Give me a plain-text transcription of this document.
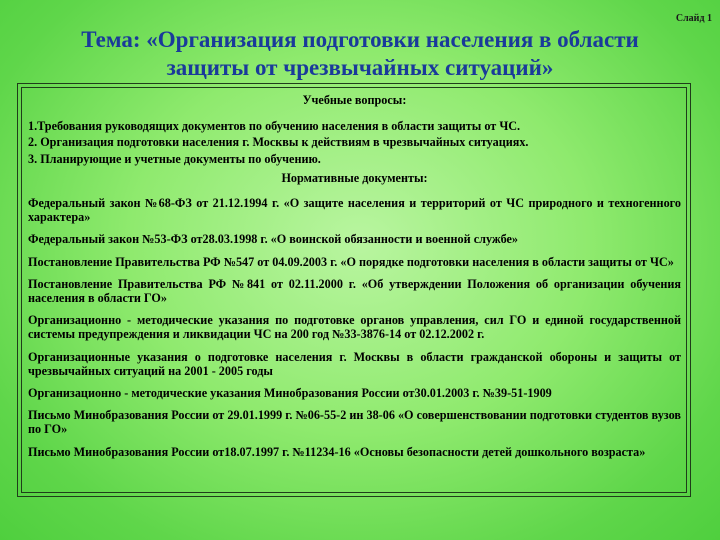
Слайд 1
Тема: «Организация подготовки населения в области
защиты от чрезвычайных ситуаций»
Учебные вопросы:
1.Требования руководящих документов по обучению населения в области защиты от ЧС.
2. Организация подготовки населения г. Москвы к действиям в чрезвычайных ситуациях.
3. Планирующие и учетные документы по обучению.
Нормативные документы:
Федеральный закон №68-ФЗ от 21.12.1994 г. «О защите населения и территорий от ЧС природного и техногенного характера»
Федеральный закон №53-ФЗ от28.03.1998 г. «О воинской обязанности и военной службе»
Постановление Правительства РФ №547 от 04.09.2003 г. «О порядке подготовки населения в области защиты от ЧС»
Постановление Правительства РФ №841 от 02.11.2000 г. «Об утверждении Положения об организации обучения населения в области ГО»
Организационно - методические указания по подготовке органов управления, сил ГО и единой государственной системы предупреждения и ликвидации ЧС на 200 год №33-3876-14 от 02.12.2002 г.
Организационные указания о подготовке населения г. Москвы в области гражданской обороны и защиты от чрезвычайных ситуаций на 2001 - 2005 годы
Организационно - методические указания Минобразования России от30.01.2003 г. №39-51-1909
Письмо Минобразования России от 29.01.1999 г. №06-55-2 ин 38-06 «О совершенствовании подготовки студентов вузов по ГО»
Письмо Минобразования России от18.07.1997 г. №11234-16 «Основы безопасности детей дошкольного возраста»
